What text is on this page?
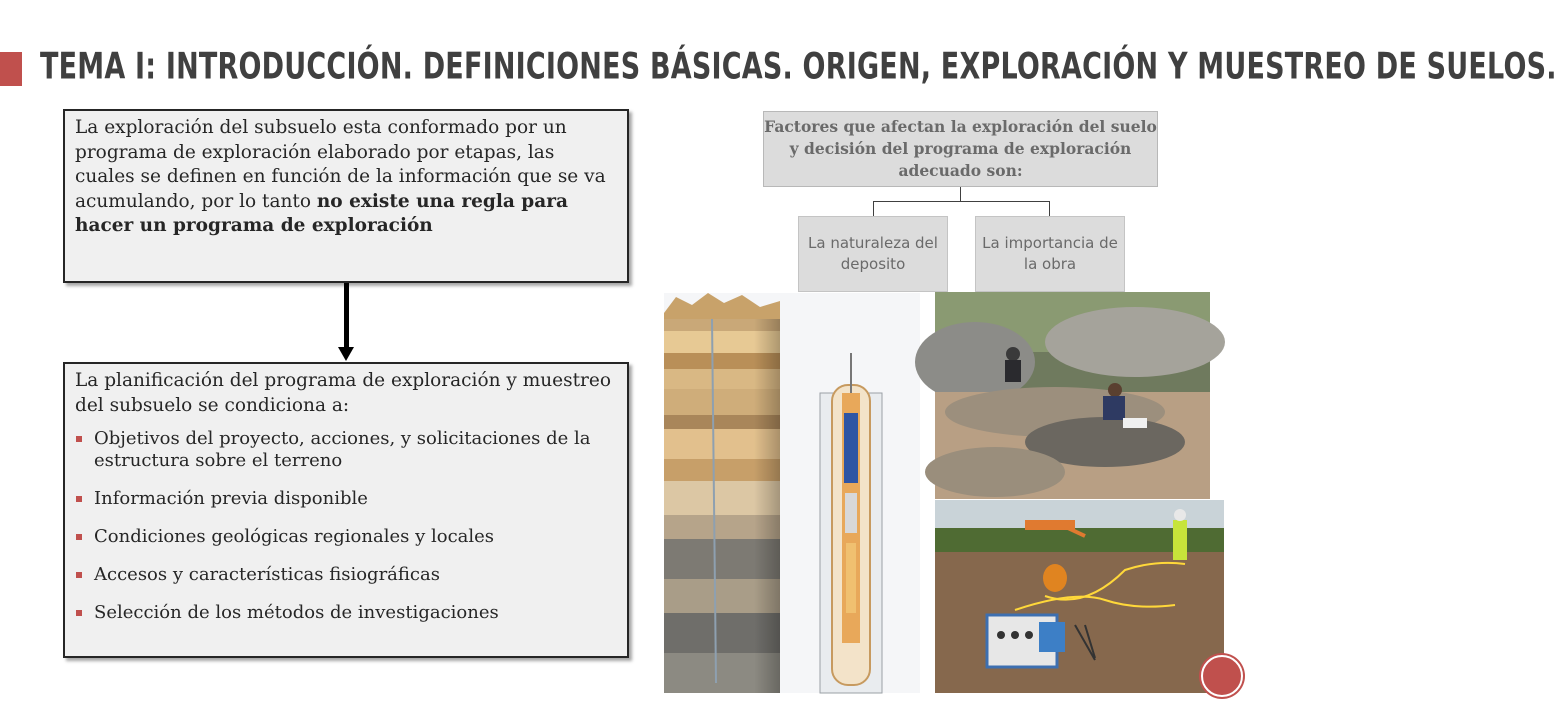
TEMA I: INTRODUCCIÓN. DEFINICIONES BÁSICAS. ORIGEN, EXPLORACIÓN Y MUESTREO DE SUELOS.
La exploración del subsuelo esta conformado por un programa de exploración elaborado por etapas, las cuales se definen en función de la información que se va acumulando, por lo tanto no existe una regla para hacer un programa de exploración
La planificación del programa de exploración y muestreo del subsuelo se condiciona a:
Objetivos del proyecto, acciones, y solicitaciones de la estructura sobre el terreno
Información previa disponible
Condiciones geológicas regionales y locales
Accesos y características fisiográficas
Selección de los métodos de investigaciones
Factores que afectan la exploración del suelo y decisión del programa de exploración adecuado son:
La naturaleza del deposito
La importancia de la obra
